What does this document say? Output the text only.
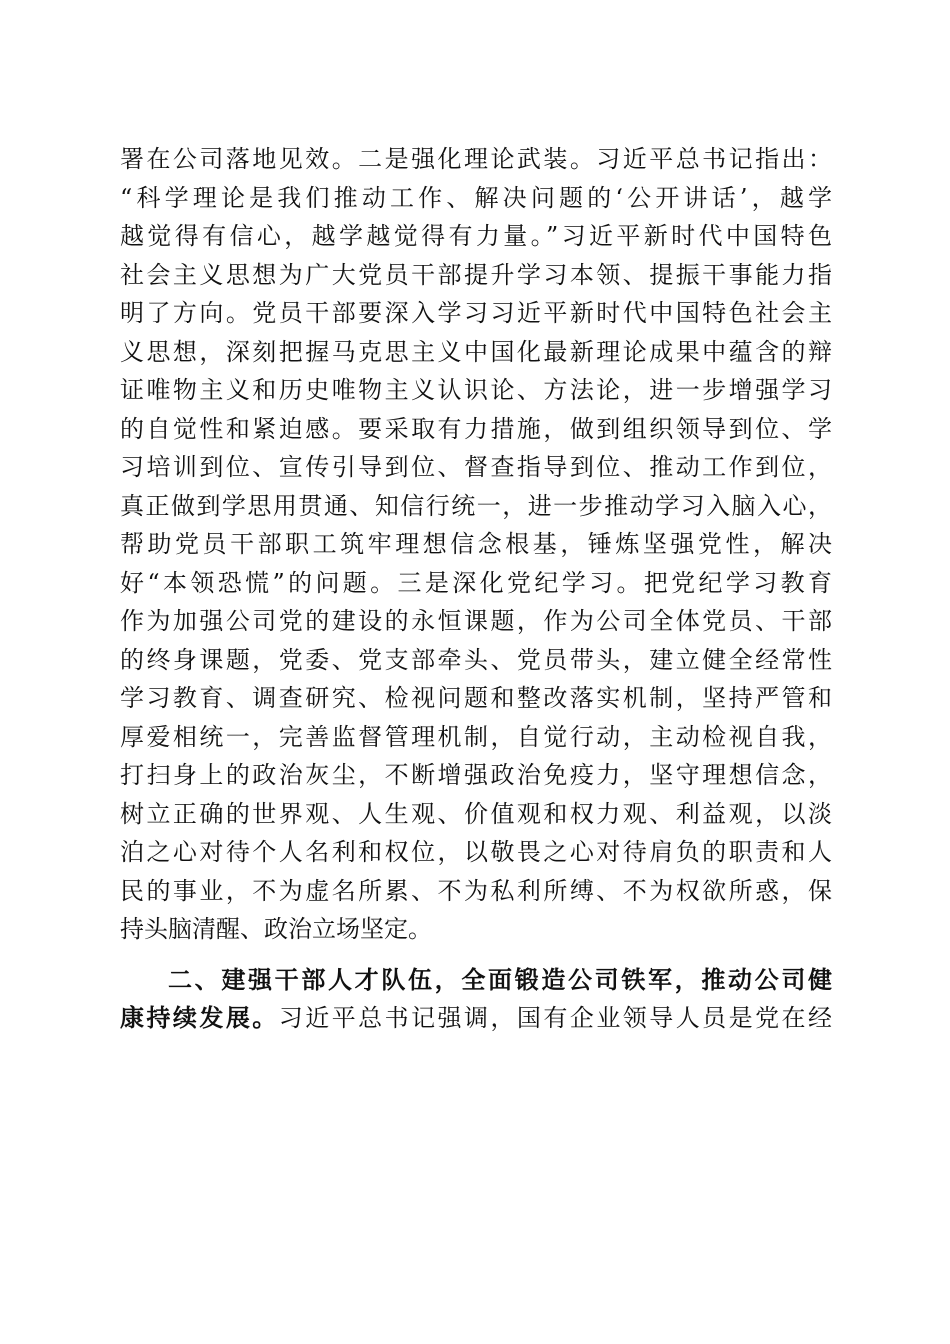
署在公司落地见效。二是强化理论武装。习近平总书记指出：
“科学理论是我们推动工作、解决问题的‘公开讲话’，越学
越觉得有信心，越学越觉得有力量。”习近平新时代中国特色
社会主义思想为广大党员干部提升学习本领、提振干事能力指
明了方向。党员干部要深入学习习近平新时代中国特色社会主
义思想，深刻把握马克思主义中国化最新理论成果中蕴含的辩
证唯物主义和历史唯物主义认识论、方法论，进一步增强学习
的自觉性和紧迫感。要采取有力措施，做到组织领导到位、学
习培训到位、宣传引导到位、督查指导到位、推动工作到位，
真正做到学思用贯通、知信行统一，进一步推动学习入脑入心，
帮助党员干部职工筑牢理想信念根基，锤炼坚强党性，解决
好“本领恐慌”的问题。三是深化党纪学习。把党纪学习教育
作为加强公司党的建设的永恒课题，作为公司全体党员、干部
的终身课题，党委、党支部牵头、党员带头，建立健全经常性
学习教育、调查研究、检视问题和整改落实机制，坚持严管和
厚爱相统一，完善监督管理机制，自觉行动，主动检视自我，
打扫身上的政治灰尘，不断增强政治免疫力，坚守理想信念，
树立正确的世界观、人生观、价值观和权力观、利益观，以淡
泊之心对待个人名利和权位，以敬畏之心对待肩负的职责和人
民的事业，不为虚名所累、不为私利所缚、不为权欲所惑，保
持头脑清醒、政治立场坚定。
二、建强干部人才队伍，全面锻造公司铁军，推动公司健
康持续发展。习近平总书记强调，国有企业领导人员是党在经
